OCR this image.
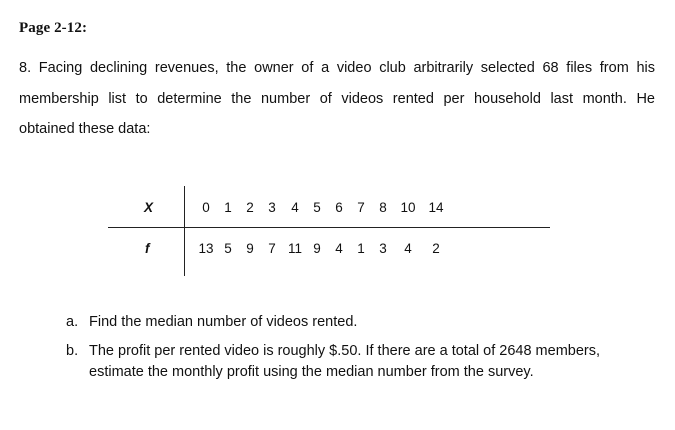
Page 2-12:
8. Facing declining revenues, the owner of a video club arbitrarily selected 68 files from his
membership list to determine the number of videos rented per household last month. He
obtained these data:
X
f
0 1 2 3 4 5 6 7 8 10 14
13 5 9 7 11 9 4 1 3 4 2
a. Find the median number of videos rented.
b. The profit per rented video is roughly $.50. If there are a total of 2648 members,
estimate the monthly profit using the median number from the survey.
